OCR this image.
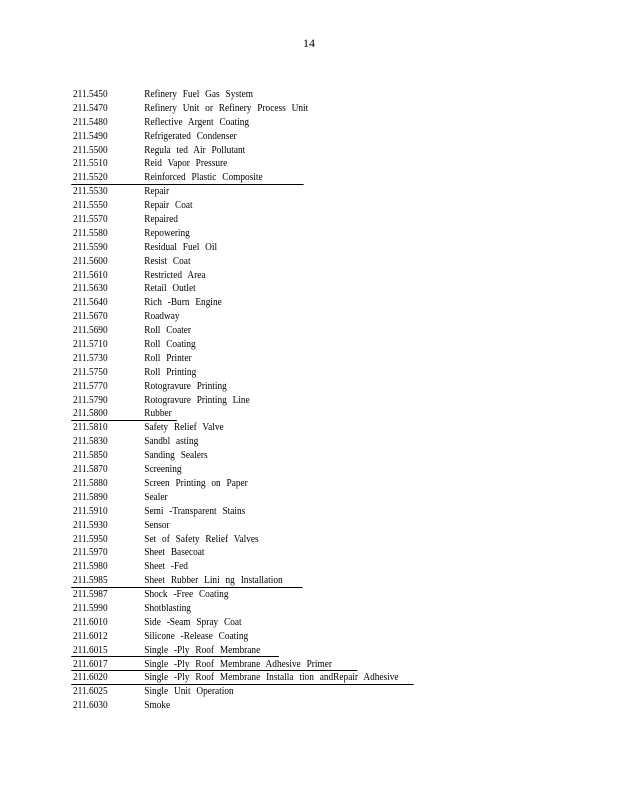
14
211.5450	Refinery Fuel Gas System
211.5470	Refinery Unit or Refinery Process Unit
211.5480	Reflective Argent Coating
211.5490	Refrigerated Condenser
211.5500	Regula ted Air Pollutant
211.5510	Reid Vapor Pressure
211.5520	Reinforced Plastic Composite
211.5530	Repair
211.5550	Repair Coat
211.5570	Repaired
211.5580	Repowering
211.5590	Residual Fuel Oil
211.5600	Resist Coat
211.5610	Restricted Area
211.5630	Retail Outlet
211.5640	Rich -Burn Engine
211.5670	Roadway
211.5690	Roll Coater
211.5710	Roll Coating
211.5730	Roll Printer
211.5750	Roll Printing
211.5770	Rotogravure Printing
211.5790	Rotogravure Printing Line
211.5800	Rubber
211.5810	Safety Relief Valve
211.5830	Sandbl asting
211.5850	Sanding Sealers
211.5870	Screening
211.5880	Screen Printing on Paper
211.5890	Sealer
211.5910	Semi -Transparent Stains
211.5930	Sensor
211.5950	Set of Safety Relief Valves
211.5970	Sheet Basecoat
211.5980	Sheet -Fed
211.5985	Sheet Rubber Lini ng Installation
211.5987	Shock -Free Coating
211.5990	Shotblasting
211.6010	Side -Seam Spray Coat
211.6012	Silicone -Release Coating
211.6015	Single -Ply Roof Membrane
211.6017	Single -Ply Roof Membrane Adhesive Primer
211.6020	Single -Ply Roof Membrane Installa tion andRepair Adhesive
211.6025	Single Unit Operation
211.6030	Smoke
